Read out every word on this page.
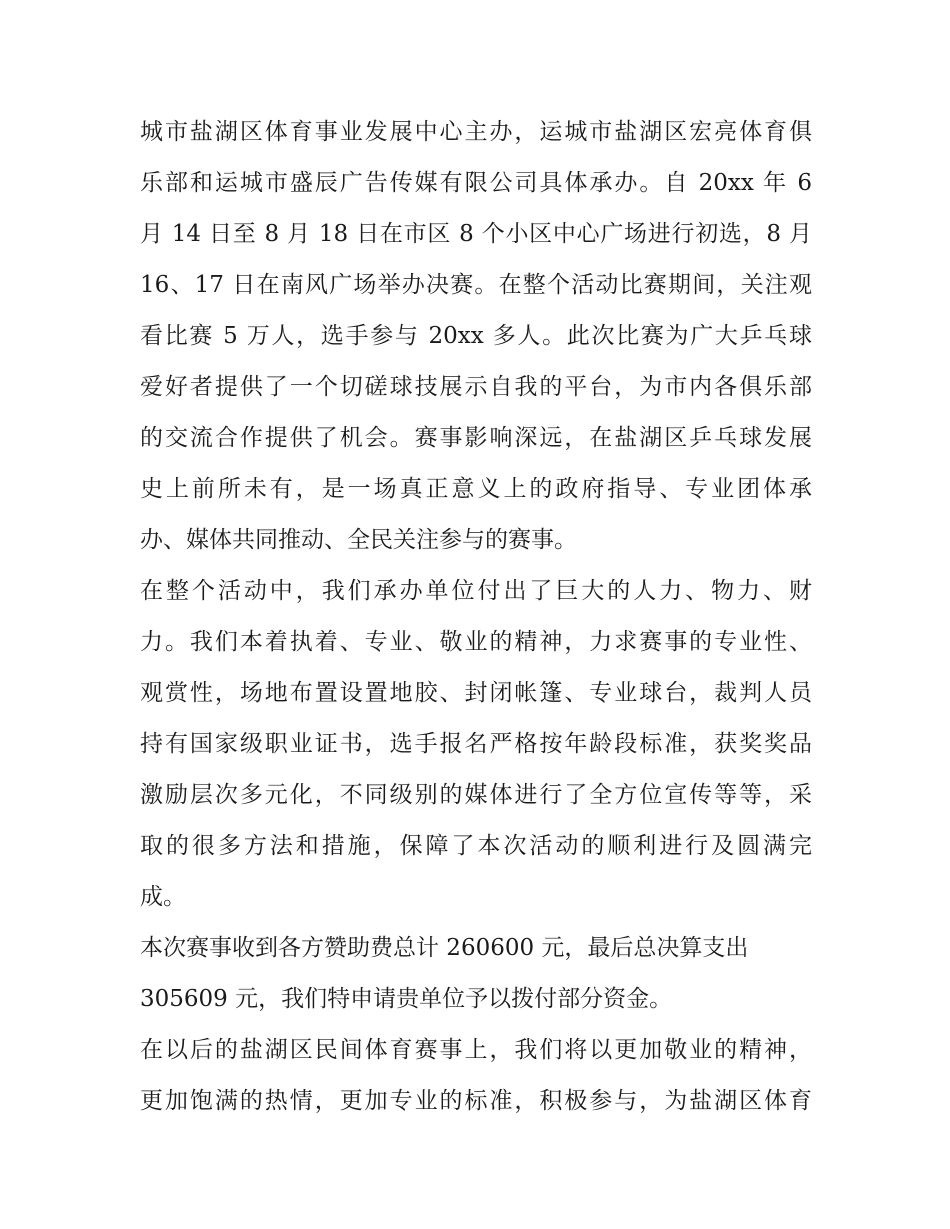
城市盐湖区体育事业发展中心主办，运城市盐湖区宏亮体育俱
乐部和运城市盛辰广告传媒有限公司具体承办。自 20xx 年 6
月 14 日至 8 月 18 日在市区 8 个小区中心广场进行初选，8 月
16、17 日在南风广场举办决赛。在整个活动比赛期间，关注观
看比赛 5 万人，选手参与 20xx 多人。此次比赛为广大乒乓球
爱好者提供了一个切磋球技展示自我的平台，为市内各俱乐部
的交流合作提供了机会。赛事影响深远，在盐湖区乒乓球发展
史上前所未有，是一场真正意义上的政府指导、专业团体承
办、媒体共同推动、全民关注参与的赛事。
在整个活动中，我们承办单位付出了巨大的人力、物力、财
力。我们本着执着、专业、敬业的精神，力求赛事的专业性、
观赏性，场地布置设置地胶、封闭帐篷、专业球台，裁判人员
持有国家级职业证书，选手报名严格按年龄段标准，获奖奖品
激励层次多元化，不同级别的媒体进行了全方位宣传等等，采
取的很多方法和措施，保障了本次活动的顺利进行及圆满完
成。
本次赛事收到各方赞助费总计 260600 元，最后总决算支出
305609 元，我们特申请贵单位予以拨付部分资金。
在以后的盐湖区民间体育赛事上，我们将以更加敬业的精神，
更加饱满的热情，更加专业的标准，积极参与，为盐湖区体育
